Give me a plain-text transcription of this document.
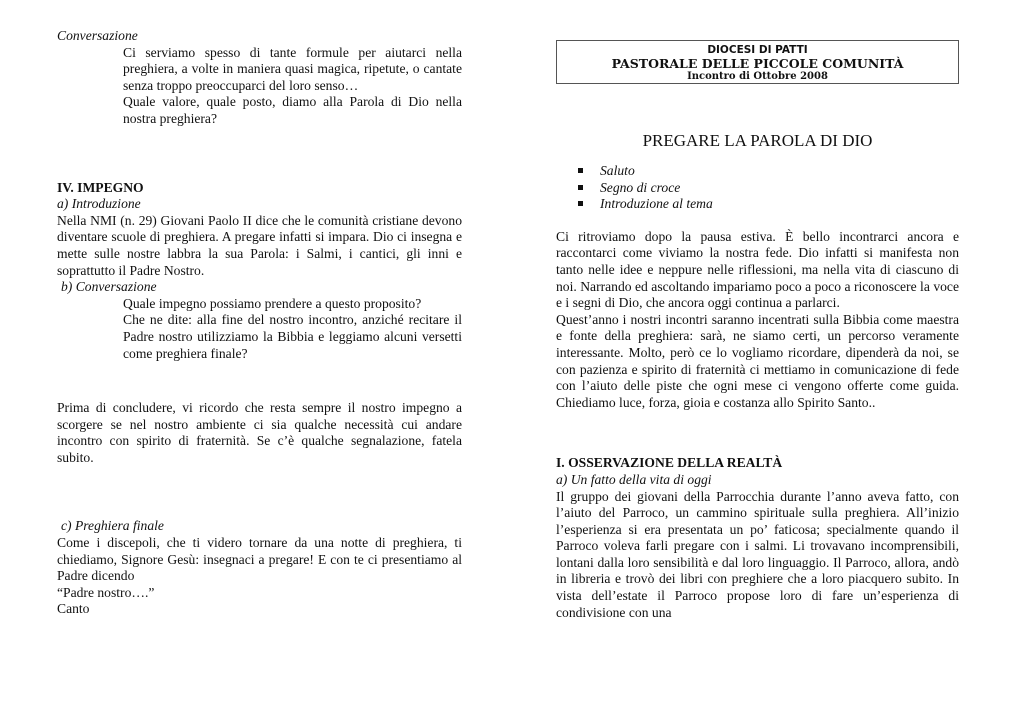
Conversazione

Ci serviamo spesso di tante formule per aiutarci nella preghiera, a volte in maniera quasi magica, ripetute, o cantate senza troppo preoccuparci del loro senso…

Quale valore, quale posto, diamo alla Parola di Dio nella nostra preghiera?

IV. IMPEGNO

a) Introduzione

Nella NMI (n. 29) Giovani Paolo II dice che le comunità cristiane devono diventare scuole di preghiera. A pregare infatti si impara. Dio ci insegna e mette sulle nostre labbra la sua Parola: i Salmi, i cantici, gli inni e soprattutto il Padre Nostro.

b) Conversazione

Quale impegno possiamo prendere a questo proposito?

Che ne dite: alla fine del nostro incontro, anziché recitare il Padre nostro utilizziamo la Bibbia e leggiamo alcuni versetti come preghiera finale?

Prima di concludere, vi ricordo che resta sempre il nostro impegno a scorgere se nel nostro ambiente ci sia qualche necessità cui andare incontro con spirito di fraternità. Se c’è qualche segnalazione, fatela subito.

c) Preghiera finale

Come i discepoli, che ti videro tornare da una notte di preghiera, ti chiediamo, Signore Gesù: insegnaci a pregare! E con te ci presentiamo al Padre dicendo

“Padre nostro….”

Canto

DIOCESI DI PATTI
PASTORALE DELLE PICCOLE COMUNITÀ
Incontro di Ottobre 2008
PREGARE LA PAROLA DI DIO
Saluto
Segno di croce
Introduzione al tema

Ci ritroviamo dopo la pausa estiva. È bello incontrarci ancora e raccontarci come viviamo la nostra fede. Dio infatti si manifesta non tanto nelle idee e neppure nelle riflessioni, ma nella vita di ciascuno di noi. Narrando ed ascoltando impariamo poco a poco a riconoscere la voce e i segni di Dio, che ancora oggi continua a parlarci.

Quest’anno i nostri incontri saranno incentrati sulla Bibbia come maestra e fonte della preghiera: sarà, ne siamo certi, un percorso veramente interessante. Molto, però ce lo vogliamo ricordare, dipenderà da noi, se con pazienza e spirito di fraternità ci mettiamo in comunicazione di fede con l’aiuto delle piste che ogni mese ci vengono offerte come guida. Chiediamo luce, forza, gioia e costanza allo Spirito Santo..

I. OSSERVAZIONE DELLA REALTÀ

a) Un fatto della vita di oggi

Il gruppo dei giovani della Parrocchia durante l’anno aveva fatto, con l’aiuto del Parroco, un cammino spirituale sulla preghiera. All’inizio l’esperienza si era presentata un po’ faticosa; specialmente quando il Parroco voleva farli pregare con i salmi. Li trovavano incomprensibili, lontani dalla loro sensibilità e dal loro linguaggio. Il Parroco, allora, andò in libreria e trovò dei libri con preghiere che a loro piacquero subito. In vista dell’estate il Parroco propose loro di fare un’esperienza di condivisione con una
